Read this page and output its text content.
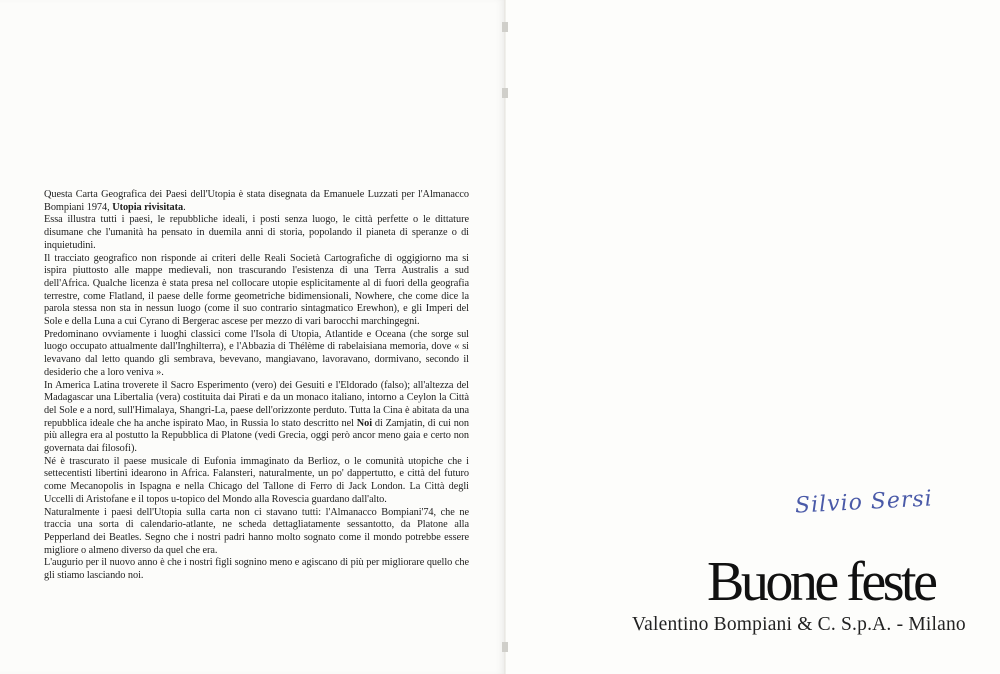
Questa Carta Geografica dei Paesi dell'Utopia è stata disegnata da Emanuele Luzzati per l'Almanacco Bompiani 1974, Utopia rivisitata.

Essa illustra tutti i paesi, le repubbliche ideali, i posti senza luogo, le città perfette o le dittature disumane che l'umanità ha pensato in duemila anni di storia, popolando il pianeta di speranze o di inquietudini.

Il tracciato geografico non risponde ai criteri delle Reali Società Cartografiche di oggigiorno ma si ispira piuttosto alle mappe medievali, non trascurando l'esistenza di una Terra Australis a sud dell'Africa. Qualche licenza è stata presa nel collocare utopie esplicitamente al di fuori della geografia terrestre, come Flatland, il paese delle forme geometriche bidimensionali, Nowhere, che come dice la parola stessa non sta in nessun luogo (come il suo contrario sintagmatico Erewhon), e gli Imperi del Sole e della Luna a cui Cyrano di Bergerac ascese per mezzo di vari barocchi marchingegni.

Predominano ovviamente i luoghi classici come l'Isola di Utopia, Atlantide e Oceana (che sorge sul luogo occupato attualmente dall'Inghilterra), e l'Abbazia di Thélème di rabelaisiana memoria, dove « si levavano dal letto quando gli sembrava, bevevano, mangiavano, lavoravano, dormivano, secondo il desiderio che a loro veniva ».

In America Latina troverete il Sacro Esperimento (vero) dei Gesuiti e l'Eldorado (falso); all'altezza del Madagascar una Libertalia (vera) costituita dai Pirati e da un monaco italiano, intorno a Ceylon la Città del Sole e a nord, sull'Himalaya, Shangri-La, paese dell'orizzonte perduto. Tutta la Cina è abitata da una repubblica ideale che ha anche ispirato Mao, in Russia lo stato descritto nel Noi di Zamjatin, di cui non più allegra era al postutto la Repubblica di Platone (vedi Grecia, oggi però ancor meno gaia e certo non governata dai filosofi).

Né è trascurato il paese musicale di Eufonia immaginato da Berlioz, o le comunità utopiche che i settecentisti libertini idearono in Africa. Falansteri, naturalmente, un po' dappertutto, e città del futuro come Mecanopolis in Ispagna e nella Chicago del Tallone di Ferro di Jack London. La Città degli Uccelli di Aristofane e il topos u-topico del Mondo alla Rovescia guardano dall'alto.

Naturalmente i paesi dell'Utopia sulla carta non ci stavano tutti: l'Almanacco Bompiani'74, che ne traccia una sorta di calendario-atlante, ne scheda dettagliatamente sessantotto, da Platone alla Pepperland dei Beatles. Segno che i nostri padri hanno molto sognato come il mondo potrebbe essere migliore o almeno diverso da quel che era.

L'augurio per il nuovo anno è che i nostri figli sognino meno e agiscano di più per migliorare quello che gli stiamo lasciando noi.

Silvio Sersi
Buone feste
Valentino Bompiani & C. S.p.A. - Milano
